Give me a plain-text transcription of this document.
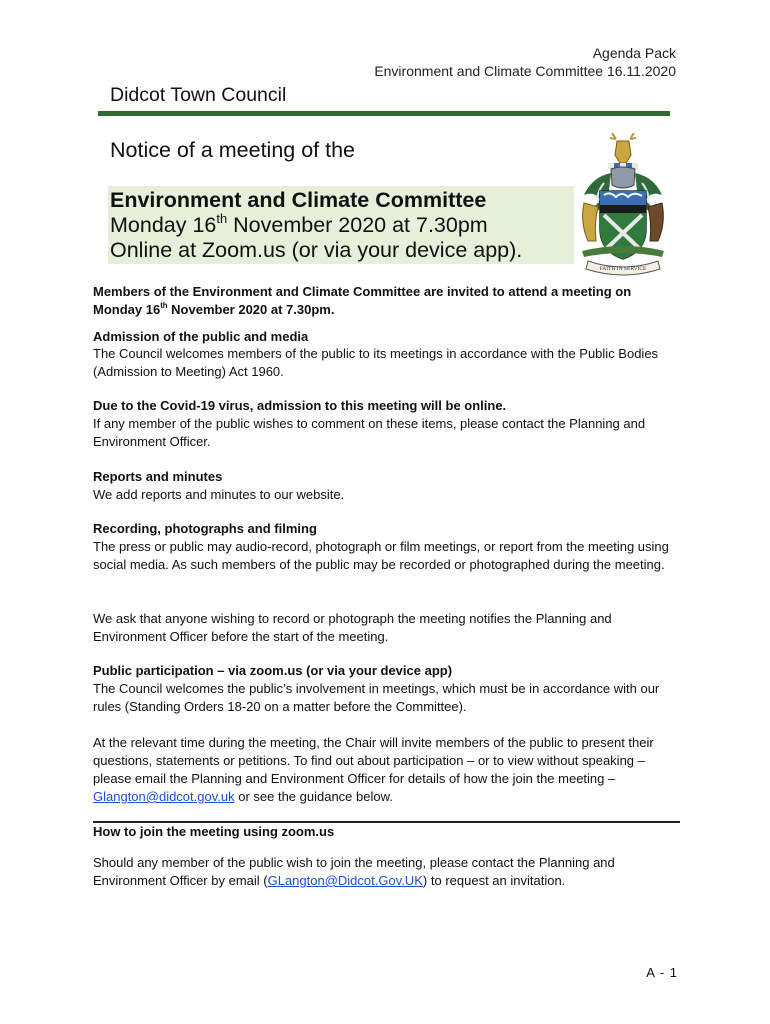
Agenda Pack
Environment and Climate Committee 16.11.2020
Didcot Town Council
Notice of a meeting of the
Environment and Climate Committee
Monday 16th November 2020 at 7.30pm
Online at Zoom.us (or via your device app).
FAITH IN SERVICE
Members of the Environment and Climate Committee are invited to attend a meeting on Monday 16th November 2020 at 7.30pm.
Admission of the public and media
The Council welcomes members of the public to its meetings in accordance with the Public Bodies (Admission to Meeting) Act 1960.
Due to the Covid-19 virus, admission to this meeting will be online.
If any member of the public wishes to comment on these items, please contact the Planning and Environment Officer.
Reports and minutes
We add reports and minutes to our website.
Recording, photographs and filming
The press or public may audio-record, photograph or film meetings, or report from the meeting using social media. As such members of the public may be recorded or photographed during the meeting.
We ask that anyone wishing to record or photograph the meeting notifies the Planning and Environment Officer before the start of the meeting.
Public participation – via zoom.us (or via your device app)
The Council welcomes the public’s involvement in meetings, which must be in accordance with our rules (Standing Orders 18-20 on a matter before the Committee).
At the relevant time during the meeting, the Chair will invite members of the public to present their questions, statements or petitions. To find out about participation – or to view without speaking – please email the Planning and Environment Officer for details of how the join the meeting – Glangton@didcot.gov.uk or see the guidance below.
How to join the meeting using zoom.us
Should any member of the public wish to join the meeting, please contact the Planning and Environment Officer by email (GLangton@Didcot.Gov.UK) to request an invitation.
A - 1
